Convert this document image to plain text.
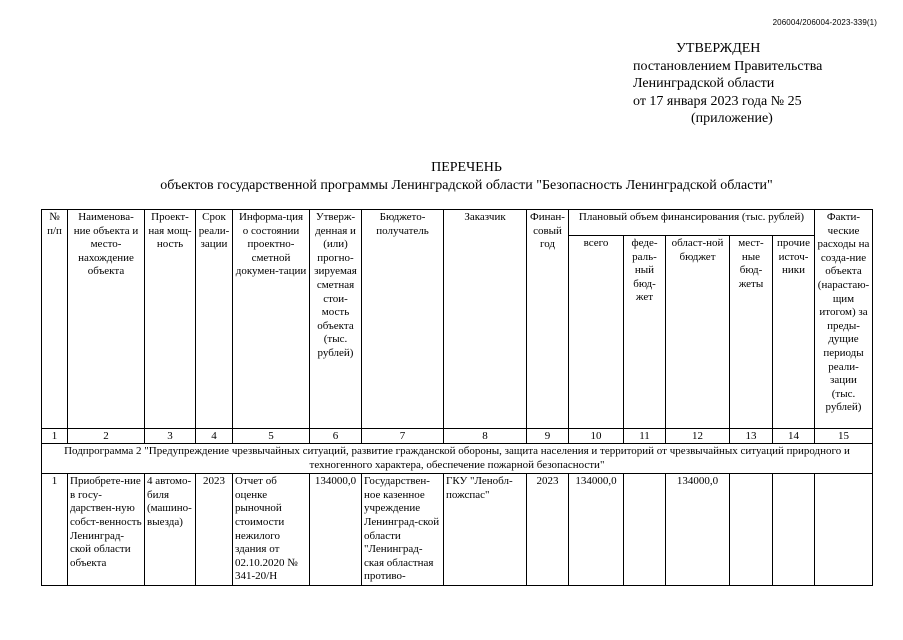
206004/206004-2023-339(1)
УТВЕРЖДЕН
постановлением Правительства
Ленинградской области
от 17 января 2023 года № 25
(приложение)
ПЕРЕЧЕНЬ
объектов государственной программы Ленинградской области "Безопасность Ленинградской области"
№ п/п	Наименова-ние объекта и место-нахождение объекта	Проект-ная мощ-ность	Срок реали-зации	Информа-ция о состоянии проектно-сметной докумен-тации	Утверж-денная и (или) прогно-зируемая сметная стои-мость объекта (тыс. рублей)	Бюджето-получатель	Заказчик	Финан-совый год	Плановый объем финансирования (тыс. рублей)					Факти-ческие расходы на созда-ние объекта (нарастаю-щим итогом) за преды-дущие периоды реали-зации (тыс. рублей)
									всего	феде-раль-ный бюд-жет	област-ной бюджет	мест-ные бюд-жеты	прочие источ-ники	
1	2	3	4	5	6	7	8	9	10	11	12	13	14	15
Подпрограмма 2 "Предупреждение чрезвычайных ситуаций, развитие гражданской обороны, защита населения и территорий от чрезвычайных ситуаций природного и техногенного характера, обеспечение пожарной безопасности"														
1	Приобрете-ние в госу-дарствен-ную собст-венность Ленинград-ской области объекта	4 автомо-биля (машино-выезда)	2023	Отчет об оценке рыночной стоимости нежилого здания от 02.10.2020 № 341-20/Н	134000,0	Государствен-ное казенное учреждение Ленинград-ской области "Ленинград-ская областная противо-	ГКУ "Ленобл-пожспас"	2023	134000,0		134000,0			
